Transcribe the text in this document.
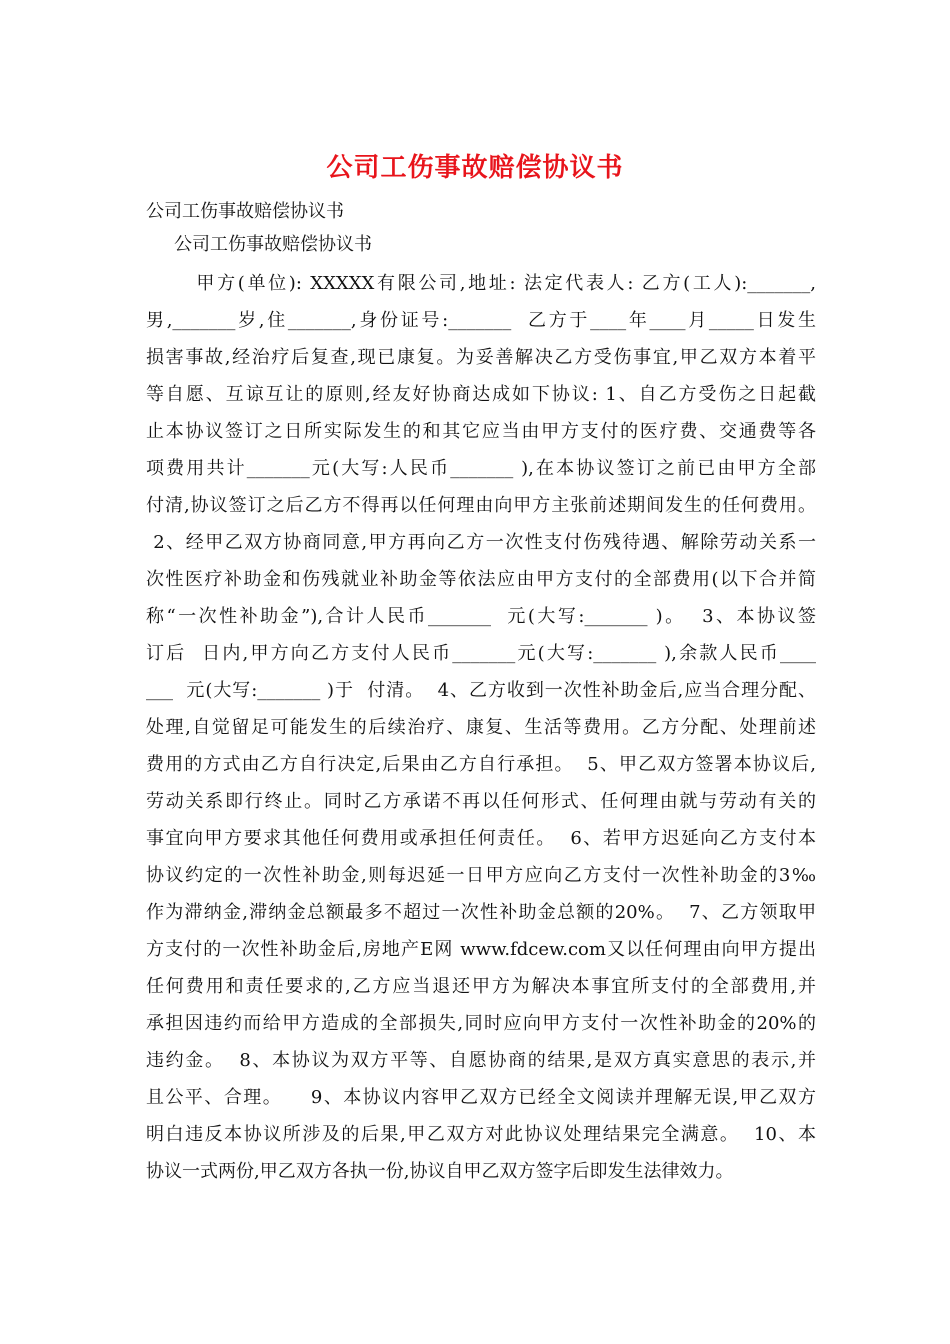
公司工伤事故赔偿协议书
公司工伤事故赔偿协议书
公司工伤事故赔偿协议书
甲方(单位): XXXXX有限公司,地址: 法定代表人: 乙方(工人):_______,
男,_______岁,住_______,身份证号:_______  乙方于____年____月_____日发生
损害事故,经治疗后复查,现已康复。为妥善解决乙方受伤事宜,甲乙双方本着平
等自愿、互谅互让的原则,经友好协商达成如下协议: 1、自乙方受伤之日起截
止本协议签订之日所实际发生的和其它应当由甲方支付的医疗费、交通费等各
项费用共计_______元(大写:人民币_______ ),在本协议签订之前已由甲方全部
付清,协议签订之后乙方不得再以任何理由向甲方主张前述期间发生的任何费用。
2、经甲乙双方协商同意,甲方再向乙方一次性支付伤残待遇、解除劳动关系一
次性医疗补助金和伤残就业补助金等依法应由甲方支付的全部费用(以下合并简
称“一次性补助金”),合计人民币_______  元(大写:_______ )。  3、本协议签
订后  日内,甲方向乙方支付人民币_______元(大写:_______ ),余款人民币____
___  元(大写:_______ )于  付清。  4、乙方收到一次性补助金后,应当合理分配、
处理,自觉留足可能发生的后续治疗、康复、生活等费用。乙方分配、处理前述
费用的方式由乙方自行决定,后果由乙方自行承担。  5、甲乙双方签署本协议后,
劳动关系即行终止。同时乙方承诺不再以任何形式、任何理由就与劳动有关的
事宜向甲方要求其他任何费用或承担任何责任。  6、若甲方迟延向乙方支付本
协议约定的一次性补助金,则每迟延一日甲方应向乙方支付一次性补助金的3‰
作为滞纳金,滞纳金总额最多不超过一次性补助金总额的20%。  7、乙方领取甲
方支付的一次性补助金后,房地产E网 www.fdcew.com又以任何理由向甲方提出
任何费用和责任要求的,乙方应当退还甲方为解决本事宜所支付的全部费用,并
承担因违约而给甲方造成的全部损失,同时应向甲方支付一次性补助金的20%的
违约金。  8、本协议为双方平等、自愿协商的结果,是双方真实意思的表示,并
且公平、合理。    9、本协议内容甲乙双方已经全文阅读并理解无误,甲乙双方
明白违反本协议所涉及的后果,甲乙双方对此协议处理结果完全满意。  10、本
协议一式两份,甲乙双方各执一份,协议自甲乙双方签字后即发生法律效力。
